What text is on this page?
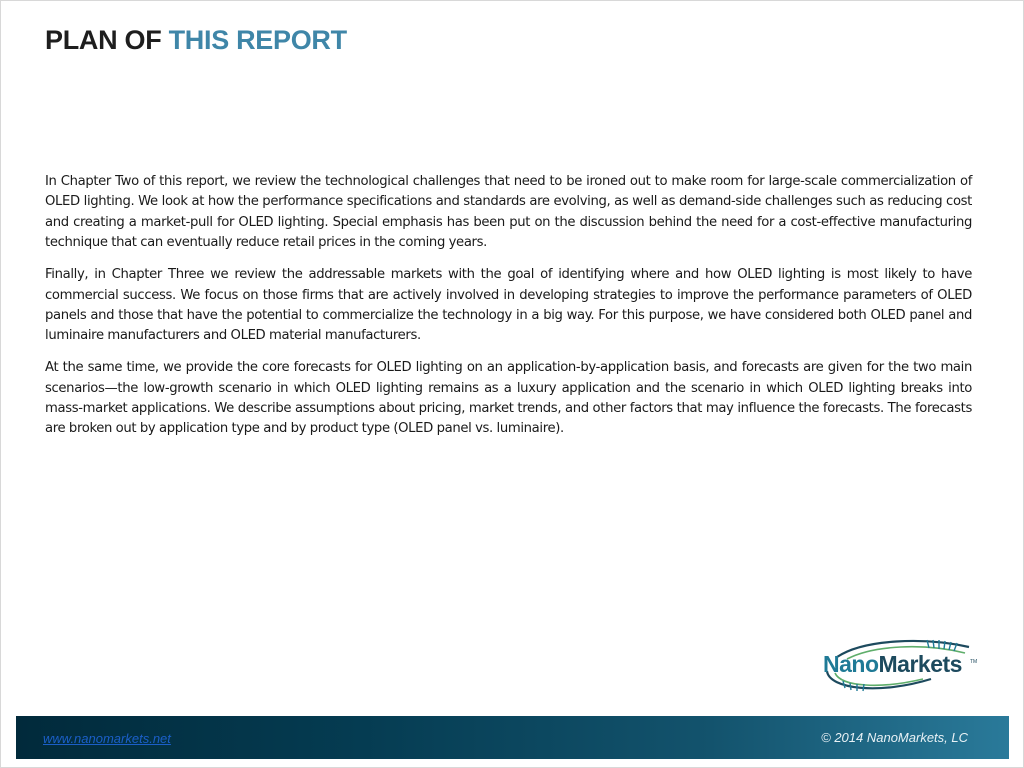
PLAN OF THIS REPORT

In Chapter Two of this report, we review the technological challenges that need to be ironed out to make room for large-scale commercialization of OLED lighting. We look at how the performance specifications and standards are evolving, as well as demand-side challenges such as reducing cost and creating a market-pull for OLED lighting. Special emphasis has been put on the discussion behind the need for a cost-effective manufacturing technique that can eventually reduce retail prices in the coming years.

Finally, in Chapter Three we review the addressable markets with the goal of identifying where and how OLED lighting is most likely to have commercial success. We focus on those firms that are actively involved in developing strategies to improve the performance parameters of OLED panels and those that have the potential to commercialize the technology in a big way. For this purpose, we have considered both OLED panel and luminaire manufacturers and OLED material manufacturers.

At the same time, we provide the core forecasts for OLED lighting on an application-by-application basis, and forecasts are given for the two main scenarios—the low-growth scenario in which OLED lighting remains as a luxury application and the scenario in which OLED lighting breaks into mass-market applications. We describe assumptions about pricing, market trends, and other factors that may influence the forecasts. The forecasts are broken out by application type and by product type (OLED panel vs. luminaire).

NanoMarkets TM
www.nanomarkets.net	© 2014 NanoMarkets, LC
